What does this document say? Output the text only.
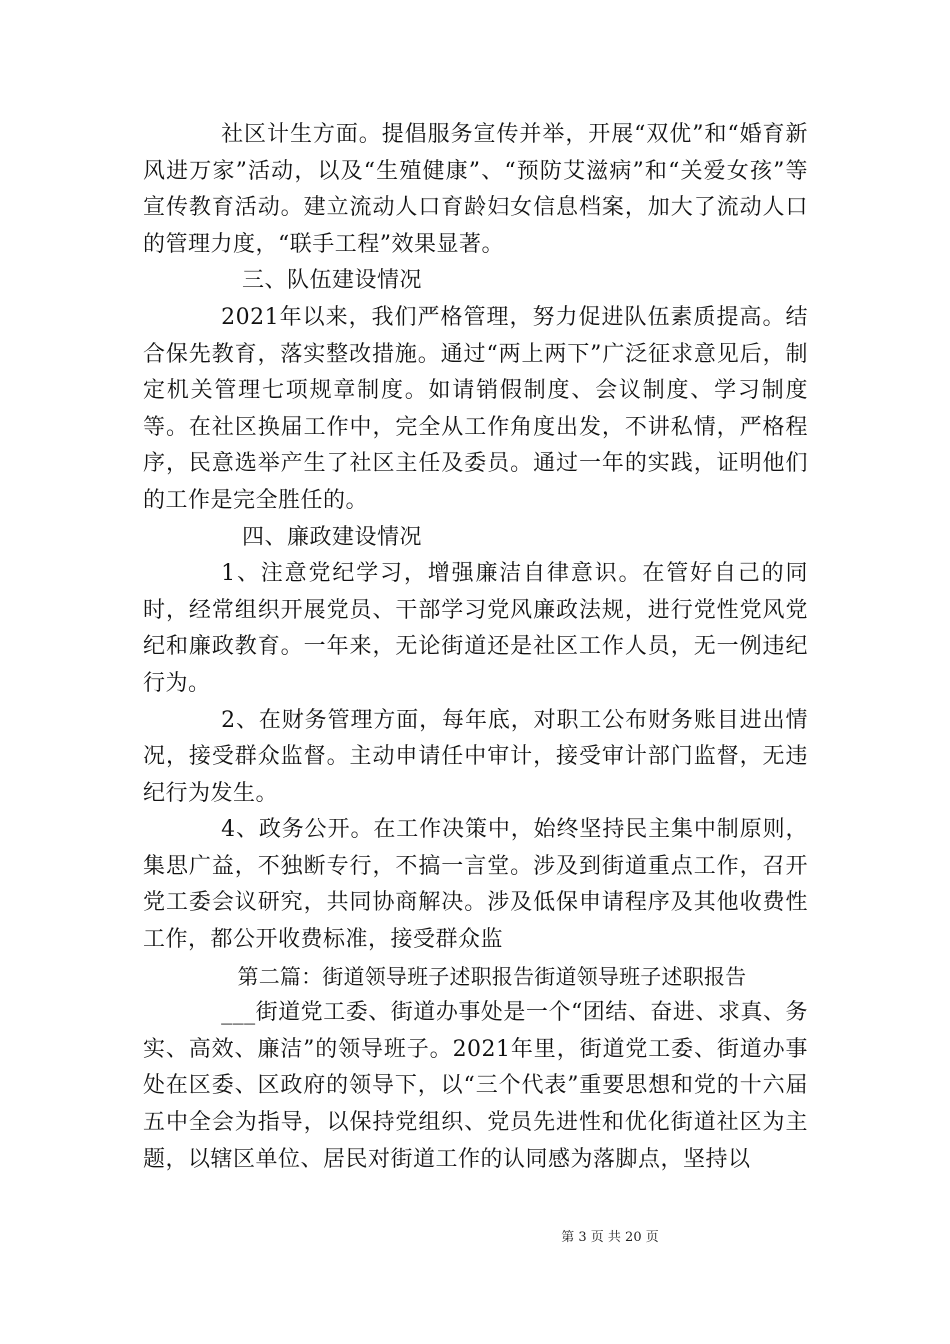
社区计生方面。提倡服务宣传并举，开展“双优”和“婚育新风进万家”活动，以及“生殖健康”、“预防艾滋病”和“关爱女孩”等宣传教育活动。建立流动人口育龄妇女信息档案，加大了流动人口的管理力度，“联手工程”效果显著。

三、队伍建设情况

2021年以来，我们严格管理，努力促进队伍素质提高。结合保先教育，落实整改措施。通过“两上两下”广泛征求意见后，制定机关管理七项规章制度。如请销假制度、会议制度、学习制度等。在社区换届工作中，完全从工作角度出发，不讲私情，严格程序，民意选举产生了社区主任及委员。通过一年的实践，证明他们的工作是完全胜任的。

四、廉政建设情况

1、注意党纪学习，增强廉洁自律意识。在管好自己的同时，经常组织开展党员、干部学习党风廉政法规，进行党性党风党纪和廉政教育。一年来，无论街道还是社区工作人员，无一例违纪行为。

2、在财务管理方面，每年底，对职工公布财务账目进出情况，接受群众监督。主动申请任中审计，接受审计部门监督，无违纪行为发生。

4、政务公开。在工作决策中，始终坚持民主集中制原则，集思广益，不独断专行，不搞一言堂。涉及到街道重点工作，召开党工委会议研究，共同协商解决。涉及低保申请程序及其他收费性工作，都公开收费标准，接受群众监

第二篇：街道领导班子述职报告街道领导班子述职报告

___街道党工委、街道办事处是一个“团结、奋进、求真、务实、高效、廉洁”的领导班子。2021年里，街道党工委、街道办事处在区委、区政府的领导下，以“三个代表”重要思想和党的十六届五中全会为指导，以保持党组织、党员先进性和优化街道社区为主题，以辖区单位、居民对街道工作的认同感为落脚点，坚持以

第 3 页 共 20 页
